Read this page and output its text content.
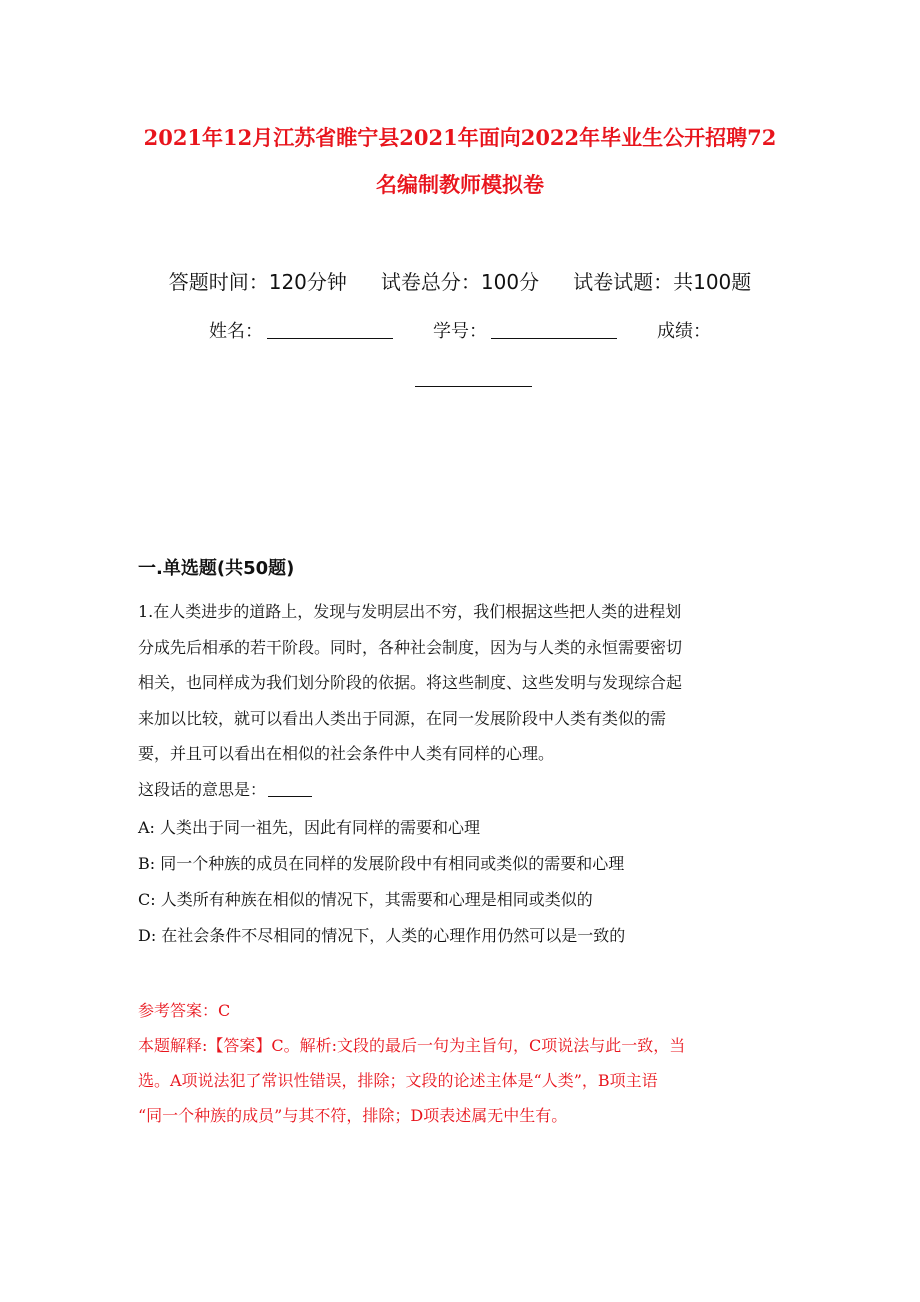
2021年12月江苏省睢宁县2021年面向2022年毕业生公开招聘72
名编制教师模拟卷
答题时间：120分钟 试卷总分：100分 试卷试题：共100题
姓名：	学号：	成绩：
一.单选题(共50题)
1.在人类进步的道路上，发现与发明层出不穷，我们根据这些把人类的进程划
分成先后相承的若干阶段。同时，各种社会制度，因为与人类的永恒需要密切
相关，也同样成为我们划分阶段的依据。将这些制度、这些发明与发现综合起
来加以比较，就可以看出人类出于同源，在同一发展阶段中人类有类似的需
要，并且可以看出在相似的社会条件中人类有同样的心理。
这段话的意思是：
A: 人类出于同一祖先，因此有同样的需要和心理
B: 同一个种族的成员在同样的发展阶段中有相同或类似的需要和心理
C: 人类所有种族在相似的情况下，其需要和心理是相同或类似的
D: 在社会条件不尽相同的情况下，人类的心理作用仍然可以是一致的
参考答案：C
本题解释:【答案】C。解析:文段的最后一句为主旨句，C项说法与此一致，当
选。A项说法犯了常识性错误，排除；文段的论述主体是“人类”，B项主语
“同一个种族的成员”与其不符，排除；D项表述属无中生有。
